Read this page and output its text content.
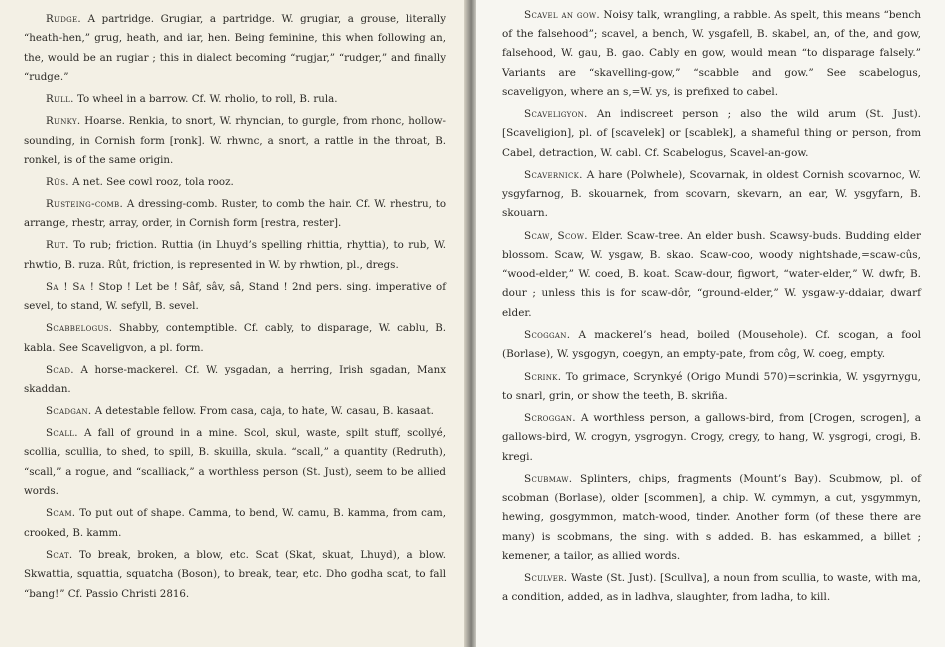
Rudge. A partridge. Grugiar, a partridge. W. grugiar, a grouse, literally “heath-hen,” grug, heath, and iar, hen. Being feminine, this when following an, the, would be an rugiar ; this in dialect becoming “rugjar,” “rudger,” and finally “rudge.”

Rull. To wheel in a barrow. Cf. W. rholio, to roll, B. rula.

Runky. Hoarse. Renkia, to snort, W. rhyncian, to gurgle, from rhonc, hollow-sounding, in Cornish form [ronk]. W. rhwnc, a snort, a rattle in the throat, B. ronkel, is of the same origin.

Rûs. A net. See cowl rooz, tola rooz.

Rusteing-comb. A dressing-comb. Ruster, to comb the hair. Cf. W. rhestru, to arrange, rhestr, array, order, in Cornish form [restra, rester].

Rut. To rub; friction. Ruttia (in Lhuyd’s spelling rhittia, rhyttia), to rub, W. rhwtio, B. ruza. Rût, friction, is represented in W. by rhwtion, pl., dregs.

Sa ! Sa ! Stop ! Let be ! Sâf, sâv, sâ, Stand ! 2nd pers. sing. imperative of sevel, to stand, W. sefyll, B. sevel.

Scabbelogus. Shabby, contemptible. Cf. cably, to disparage, W. cablu, B. kabla. See Scaveligvon, a pl. form.

Scad. A horse-mackerel. Cf. W. ysgadan, a herring, Irish sgadan, Manx skaddan.

Scadgan. A detestable fellow. From casa, caja, to hate, W. casau, B. kasaat.

Scall. A fall of ground in a mine. Scol, skul, waste, spilt stuff, scollyé, scollia, scullia, to shed, to spill, B. skuilla, skula. “scall,” a quantity (Redruth), “scall,” a rogue, and “scalliack,” a worthless person (St. Just), seem to be allied words.

Scam. To put out of shape. Camma, to bend, W. camu, B. kamma, from cam, crooked, B. kamm.

Scat. To break, broken, a blow, etc. Scat (Skat, skuat, Lhuyd), a blow. Skwattia, squattia, squatcha (Boson), to break, tear, etc. Dho godha scat, to fall “bang!” Cf. Passio Christi 2816.

Scavel an gow. Noisy talk, wrangling, a rabble. As spelt, this means “bench of the falsehood”; scavel, a bench, W. ysgafell, B. skabel, an, of the, and gow, falsehood, W. gau, B. gao. Cably en gow, would mean “to disparage falsely.” Variants are “skavelling-gow,” “scabble and gow.” See scabelogus, scaveligyon, where an s,=W. ys, is prefixed to cabel.

Scaveligyon. An indiscreet person ; also the wild arum (St. Just). [Scaveligion], pl. of [scavelek] or [scablek], a shameful thing or person, from Cabel, detraction, W. cabl. Cf. Scabelogus, Scavel-an-gow.

Scavernick. A hare (Polwhele), Scovarnak, in oldest Cornish scovarnoc, W. ysgyfarnog, B. skouarnek, from scovarn, skevarn, an ear, W. ysgyfarn, B. skouarn.

Scaw, Scow. Elder. Scaw-tree. An elder bush. Scawsy-buds. Budding elder blossom. Scaw, W. ysgaw, B. skao. Scaw-coo, woody nightshade,=scaw-cûs, “wood-elder,” W. coed, B. koat. Scaw-dour, figwort, “water-elder,” W. dwfr, B. dour ; unless this is for scaw-dôr, “ground-elder,” W. ysgaw-y-ddaiar, dwarf elder.

Scoggan. A mackerel’s head, boiled (Mousehole). Cf. scogan, a fool (Borlase), W. ysgogyn, coegyn, an empty-pate, from côg, W. coeg, empty.

Scrink. To grimace, Scrynkyé (Origo Mundi 570)=scrinkia, W. ysgyrnygu, to snarl, grin, or show the teeth, B. skriña.

Scroggan. A worthless person, a gallows-bird, from [Crogen, scrogen], a gallows-bird, W. crogyn, ysgrogyn. Crogy, cregy, to hang, W. ysgrogi, crogi, B. kregi.

Scubmaw. Splinters, chips, fragments (Mount’s Bay). Scubmow, pl. of scobman (Borlase), older [scommen], a chip. W. cymmyn, a cut, ysgymmyn, hewing, gosgymmon, match-wood, tinder. Another form (of these there are many) is scobmans, the sing. with s added. B. has eskammed, a billet ; kemener, a tailor, as allied words.

Sculver. Waste (St. Just). [Scullva], a noun from scullia, to waste, with ma, a condition, added, as in ladhva, slaughter, from ladha, to kill.
